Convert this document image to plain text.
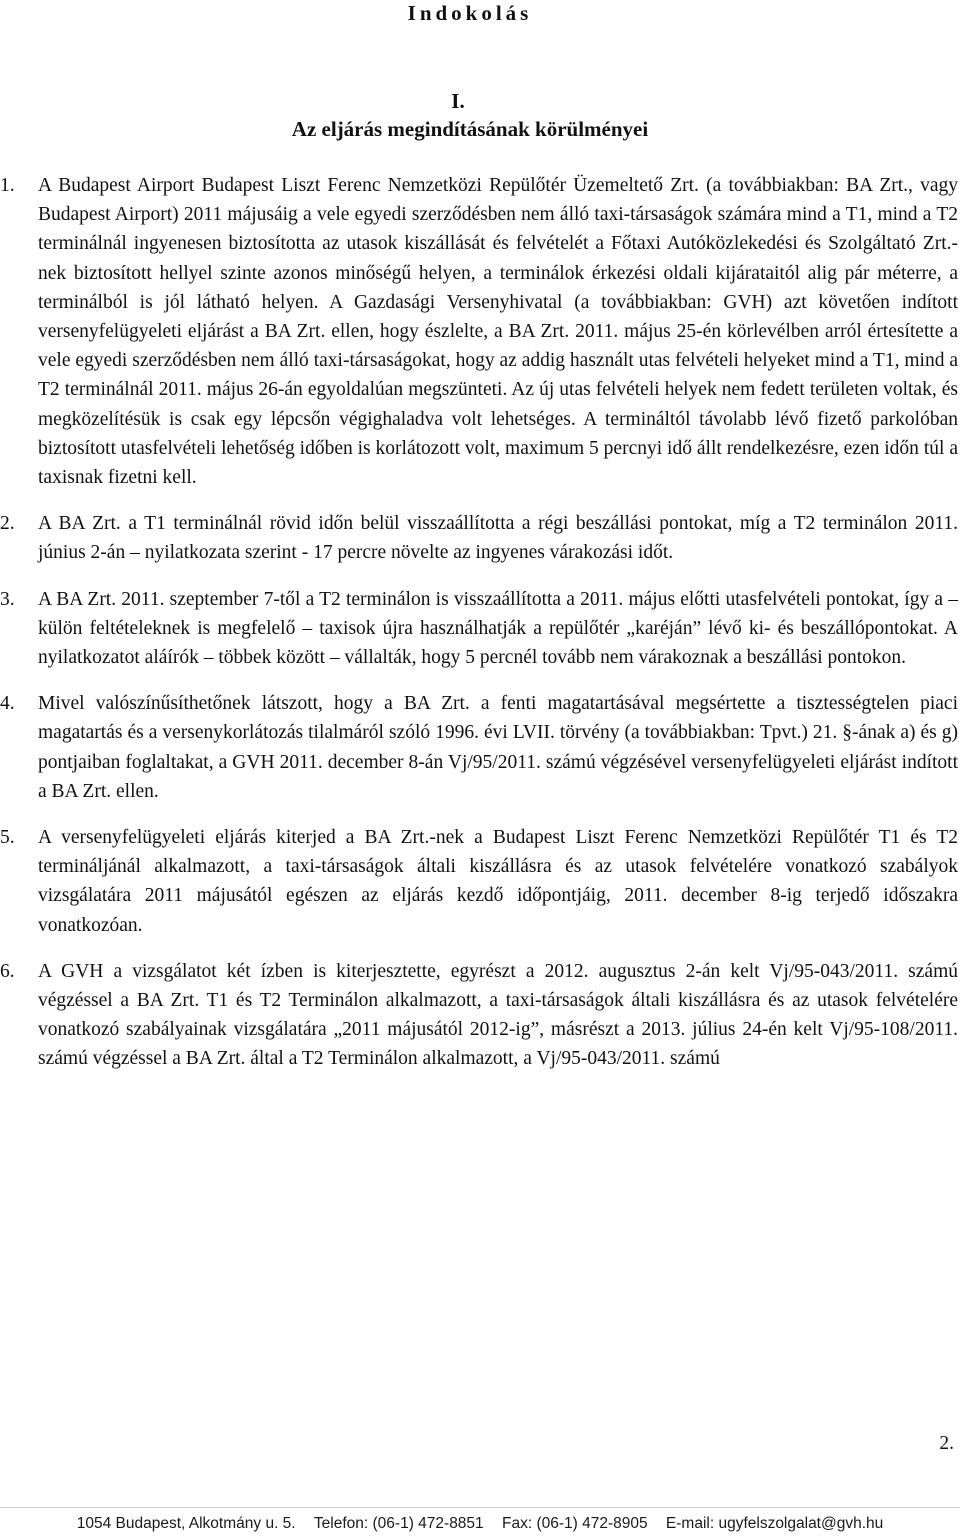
Indokolás
I.
Az eljárás megindításának körülményei
1.	A Budapest Airport Budapest Liszt Ferenc Nemzetközi Repülőtér Üzemeltető Zrt. (a továbbiakban: BA Zrt., vagy Budapest Airport) 2011 májusáig a vele egyedi szerződésben nem álló taxi-társaságok számára mind a T1, mind a T2 terminálnál ingyenesen biztosította az utasok kiszállását és felvételét a Főtaxi Autóközlekedési és Szolgáltató Zrt.-nek biztosított hellyel szinte azonos minőségű helyen, a terminálok érkezési oldali kijárataitól alig pár méterre, a terminálból is jól látható helyen. A Gazdasági Versenyhivatal (a továbbiakban: GVH) azt követően indított versenyfelügyeleti eljárást a BA Zrt. ellen, hogy észlelte, a BA Zrt. 2011. május 25-én körlevélben arról értesítette a vele egyedi szerződésben nem álló taxi-társaságokat, hogy az addig használt utas felvételi helyeket mind a T1, mind a T2 terminálnál 2011. május 26-án egyoldalúan megszünteti. Az új utas felvételi helyek nem fedett területen voltak, és megközelítésük is csak egy lépcsőn végighaladva volt lehetséges. A termináltól távolabb lévő fizető parkolóban biztosított utasfelvételi lehetőség időben is korlátozott volt, maximum 5 percnyi idő állt rendelkezésre, ezen időn túl a taxisnak fizetni kell.
2.	A BA Zrt. a T1 terminálnál rövid időn belül visszaállította a régi beszállási pontokat, míg a T2 terminálon 2011. június 2-án – nyilatkozata szerint - 17 percre növelte az ingyenes várakozási időt.
3.	A BA Zrt. 2011. szeptember 7-től a T2 terminálon is visszaállította a 2011. május előtti utasfelvételi pontokat, így a – külön feltételeknek is megfelelő – taxisok újra használhatják a repülőtér „karéján” lévő ki- és beszállópontokat. A nyilatkozatot aláírók – többek között – vállalták, hogy 5 percnél tovább nem várakoznak a beszállási pontokon.
4.	Mivel valószínűsíthetőnek látszott, hogy a BA Zrt. a fenti magatartásával megsértette a tisztességtelen piaci magatartás és a versenykorlátozás tilalmáról szóló 1996. évi LVII. törvény (a továbbiakban: Tpvt.) 21. §-ának a) és g) pontjaiban foglaltakat, a GVH 2011. december 8-án Vj/95/2011. számú végzésével versenyfelügyeleti eljárást indított a BA Zrt. ellen.
5.	A versenyfelügyeleti eljárás kiterjed a BA Zrt.-nek a Budapest Liszt Ferenc Nemzetközi Repülőtér T1 és T2 termináljánál alkalmazott, a taxi-társaságok általi kiszállásra és az utasok felvételére vonatkozó szabályok vizsgálatára 2011 májusától egészen az eljárás kezdő időpontjáig, 2011. december 8-ig terjedő időszakra vonatkozóan.
6.	A GVH a vizsgálatot két ízben is kiterjesztette, egyrészt a 2012. augusztus 2-án kelt Vj/95-043/2011. számú végzéssel a BA Zrt. T1 és T2 Terminálon alkalmazott, a taxi-társaságok általi kiszállásra és az utasok felvételére vonatkozó szabályainak vizsgálatára „2011 májusától 2012-ig”, másrészt a 2013. július 24-én kelt Vj/95-108/2011. számú végzéssel a BA Zrt. által a T2 Terminálon alkalmazott, a Vj/95-043/2011. számú
2.
1054 Budapest, Alkotmány u. 5. Telefon: (06-1) 472-8851 Fax: (06-1) 472-8905 E-mail: ugyfelszolgalat@gvh.hu
